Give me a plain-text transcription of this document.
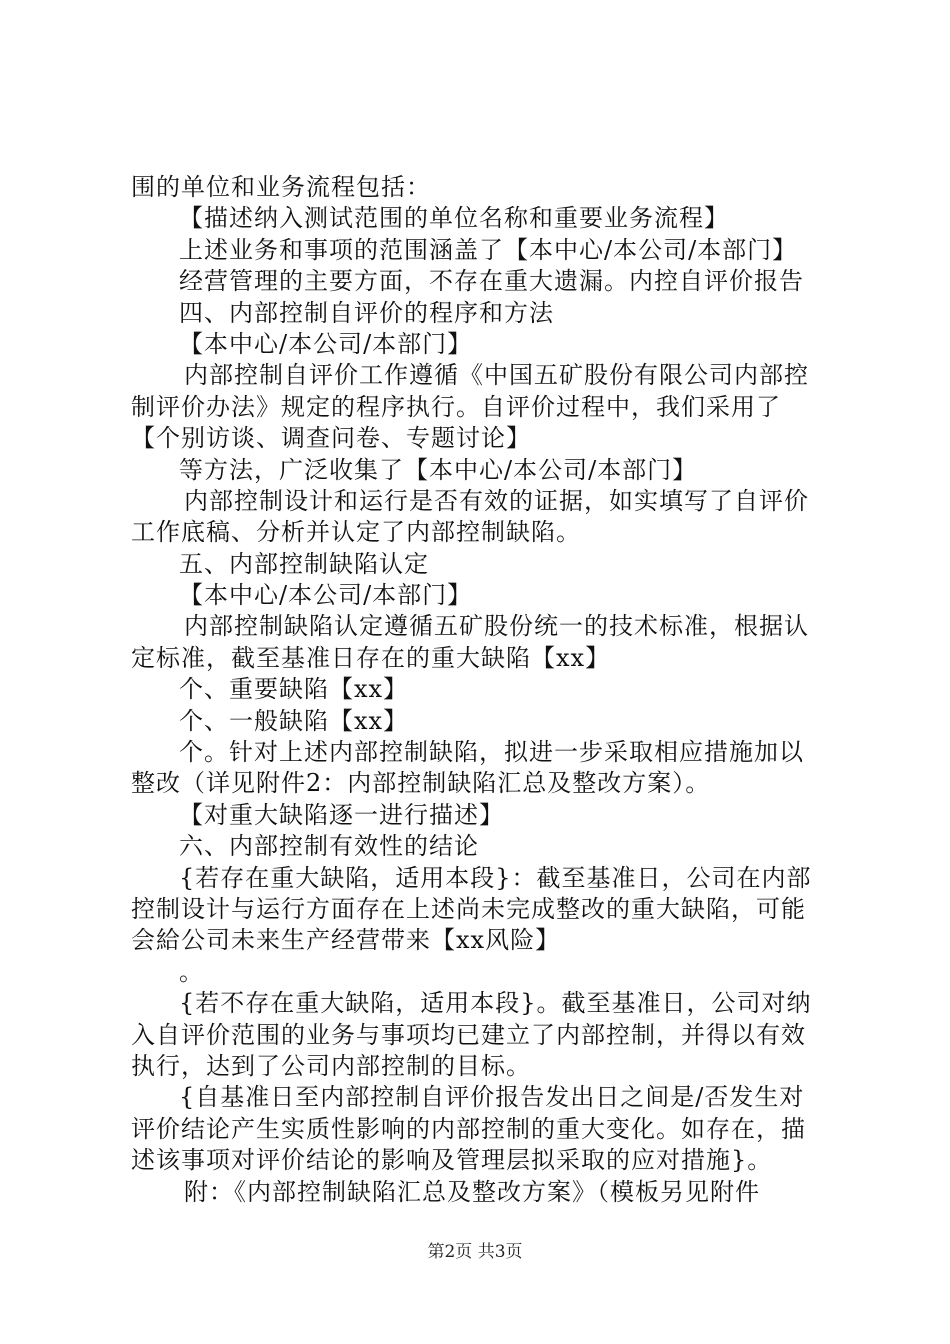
围的单位和业务流程包括：
【描述纳入测试范围的单位名称和重要业务流程】
上述业务和事项的范围涵盖了【本中心/本公司/本部门】
经营管理的主要方面，不存在重大遗漏。内控自评价报告
四、内部控制自评价的程序和方法
【本中心/本公司/本部门】
内部控制自评价工作遵循《中国五矿股份有限公司内部控
制评价办法》规定的程序执行。自评价过程中，我们采用了
【个别访谈、调查问卷、专题讨论】
等方法，广泛收集了【本中心/本公司/本部门】
内部控制设计和运行是否有效的证据，如实填写了自评价
工作底稿、分析并认定了内部控制缺陷。
五、内部控制缺陷认定
【本中心/本公司/本部门】
内部控制缺陷认定遵循五矿股份统一的技术标准，根据认
定标准，截至基准日存在的重大缺陷【xx】
个、重要缺陷【xx】
个、一般缺陷【xx】
个。针对上述内部控制缺陷，拟进一步采取相应措施加以
整改（详见附件2：内部控制缺陷汇总及整改方案）。
【对重大缺陷逐一进行描述】
六、内部控制有效性的结论
{若存在重大缺陷，适用本段}：截至基准日，公司在内部
控制设计与运行方面存在上述尚未完成整改的重大缺陷，可能
会給公司未来生产经营带来【xx风险】
。
{若不存在重大缺陷，适用本段}。截至基准日，公司对纳
入自评价范围的业务与事项均已建立了内部控制，并得以有效
执行，达到了公司内部控制的目标。
{自基准日至内部控制自评价报告发出日之间是/否发生对
评价结论产生实质性影响的内部控制的重大变化。如存在，描
述该事项对评价结论的影响及管理层拟采取的应对措施}。
附：《内部控制缺陷汇总及整改方案》（模板另见附件
第2页 共3页
